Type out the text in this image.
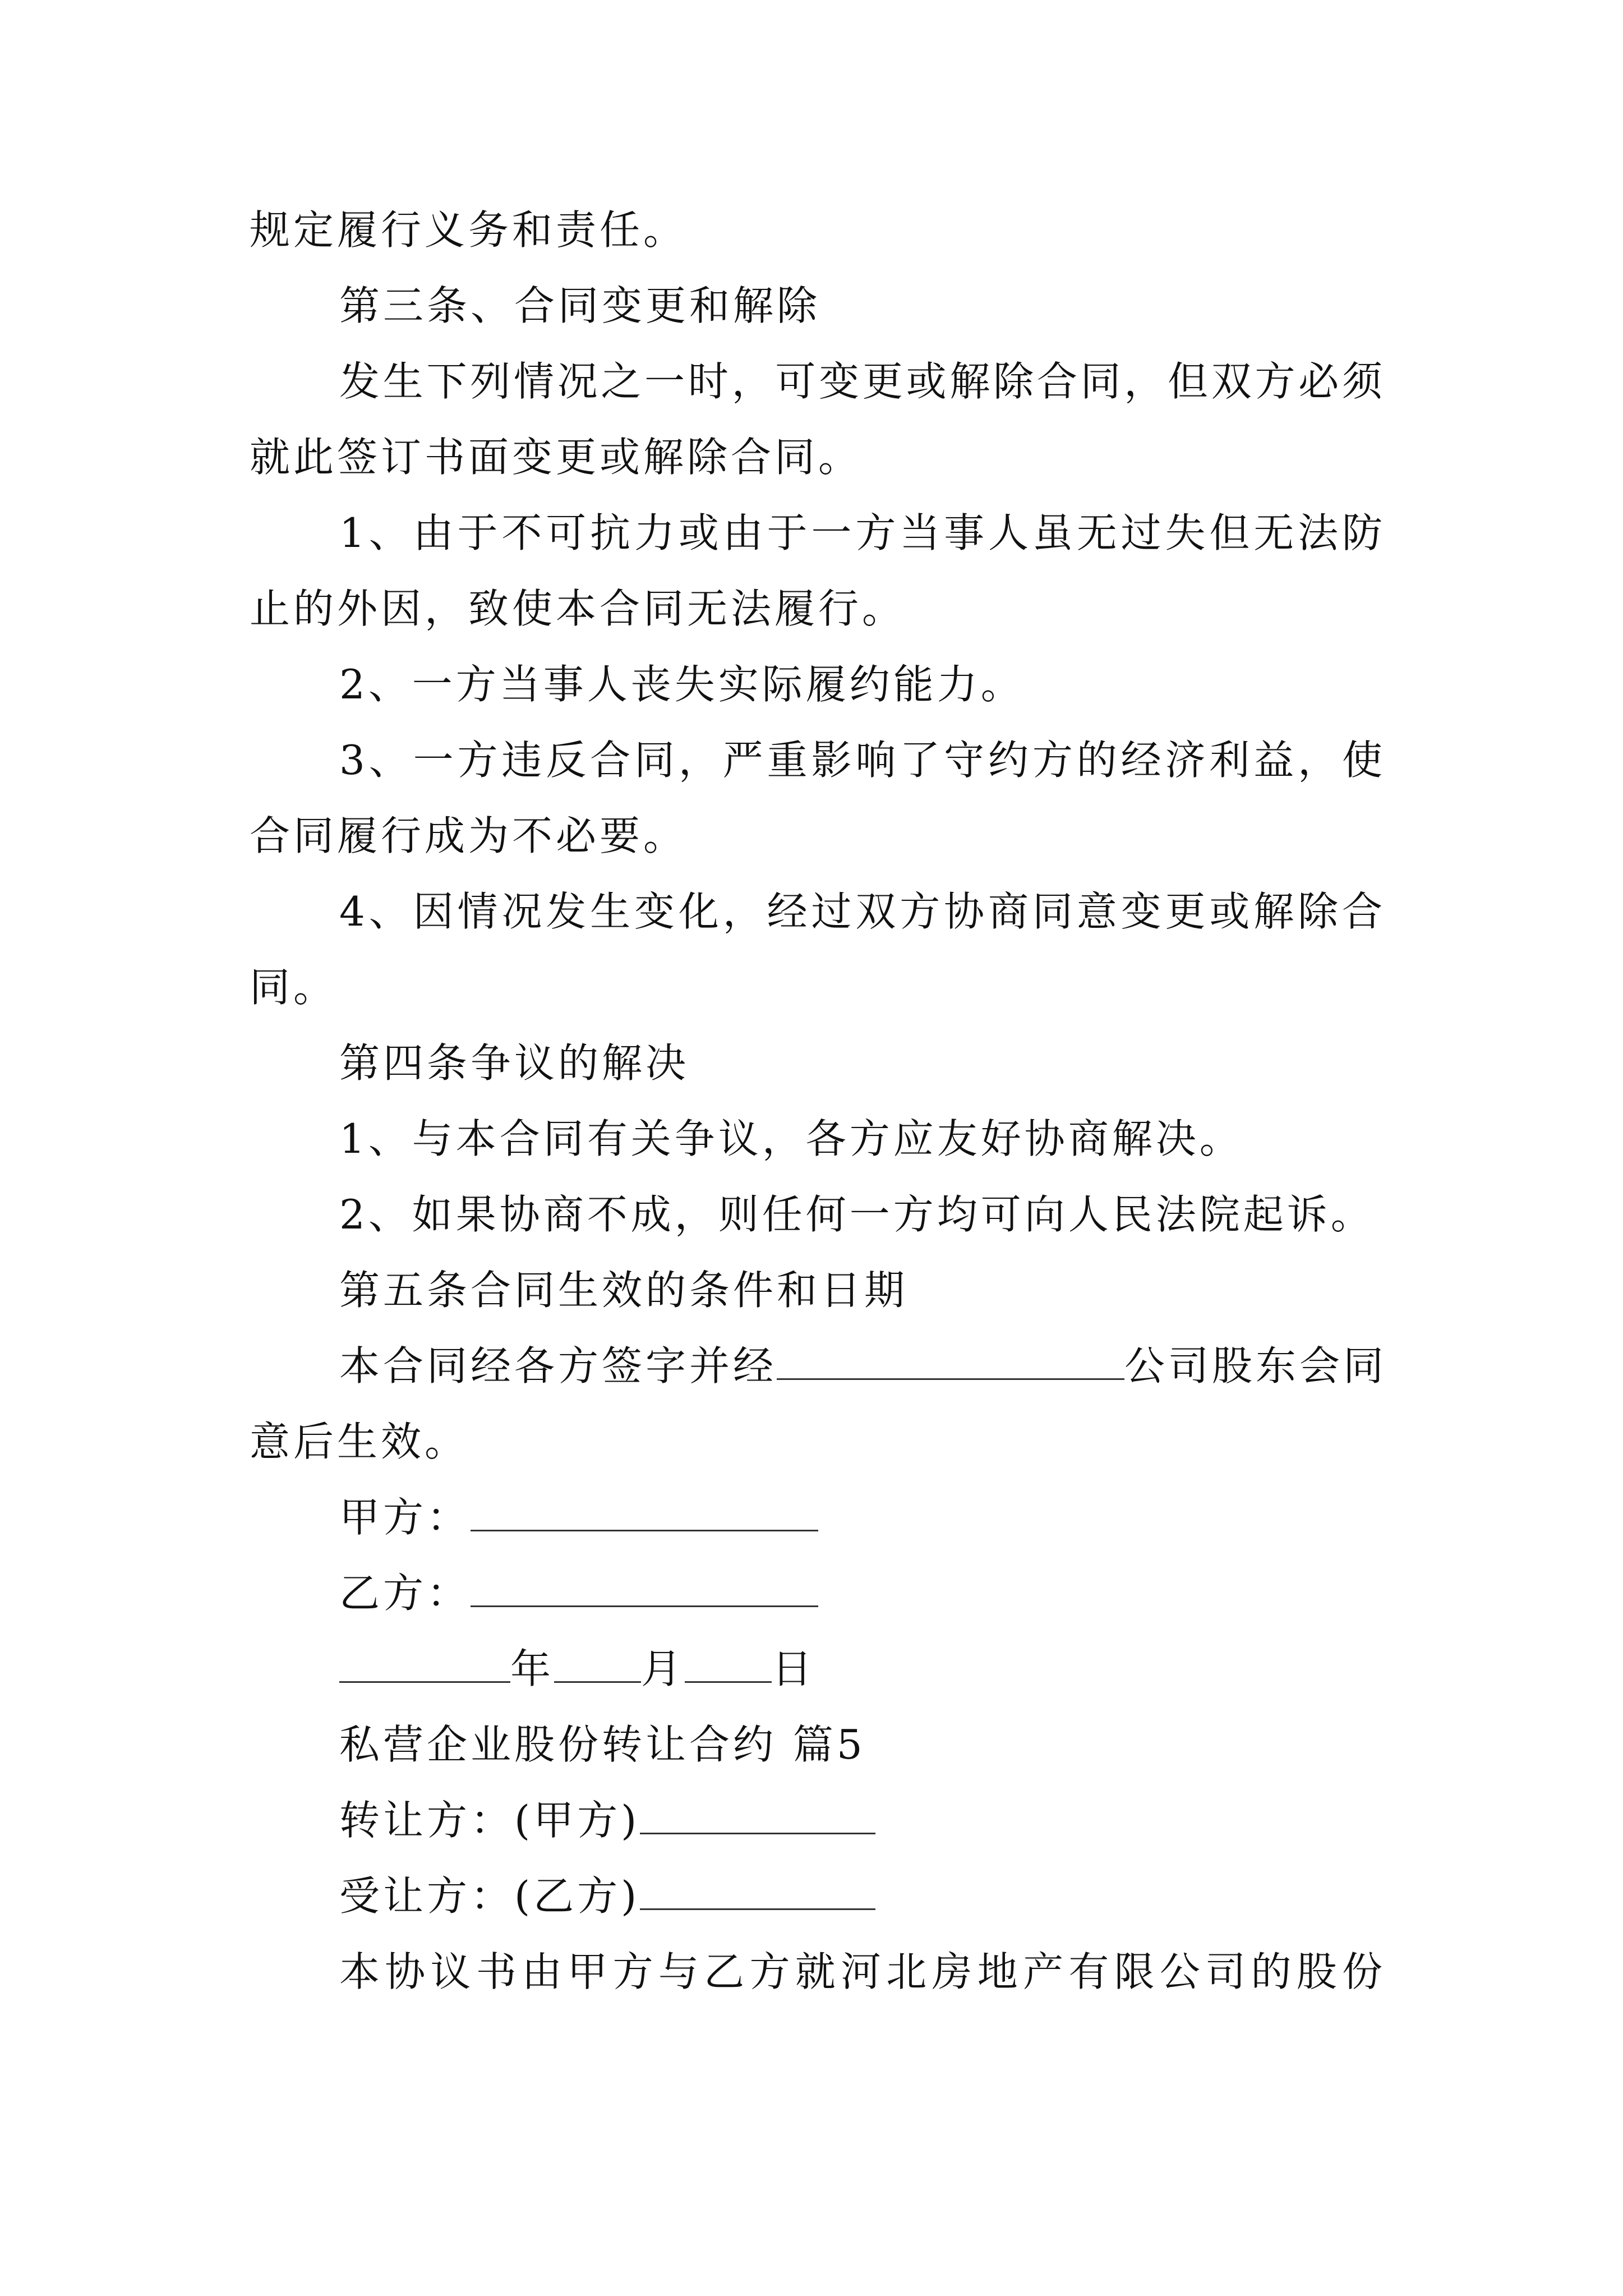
规定履行义务和责任。
第三条、合同变更和解除
发生下列情况之一时，可变更或解除合同，但双方必须
就此签订书面变更或解除合同。
1、由于不可抗力或由于一方当事人虽无过失但无法防
止的外因，致使本合同无法履行。
2、一方当事人丧失实际履约能力。
3、一方违反合同，严重影响了守约方的经济利益，使
合同履行成为不必要。
4、因情况发生变化，经过双方协商同意变更或解除合
同。
第四条争议的解决
1、与本合同有关争议，各方应友好协商解决。
2、如果协商不成，则任何一方均可向人民法院起诉。
第五条合同生效的条件和日期
本合同经各方签字并经	公司股东会同
意后生效。
甲方：
乙方：
年 月 日
私营企业股份转让合约 篇5
转让方：(甲方)
受让方：(乙方)
本协议书由甲方与乙方就河北房地产有限公司的股份
